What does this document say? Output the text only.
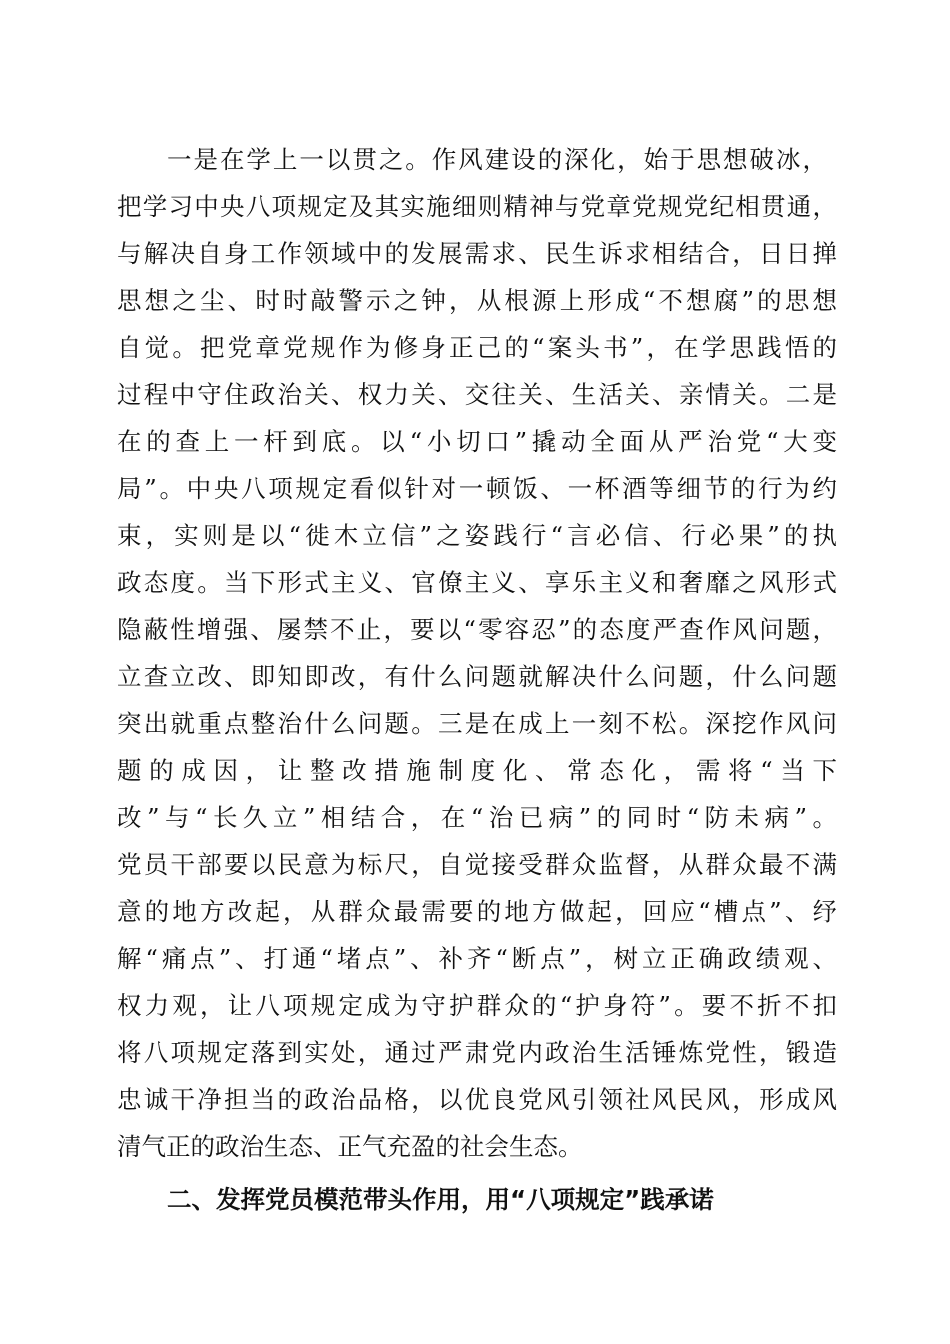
一是在学上一以贯之。作风建设的深化，始于思想破冰，
把学习中央八项规定及其实施细则精神与党章党规党纪相贯通，
与解决自身工作领域中的发展需求、民生诉求相结合，日日掸
思想之尘、时时敲警示之钟，从根源上形成“不想腐”的思想
自觉。把党章党规作为修身正己的“案头书”，在学思践悟的
过程中守住政治关、权力关、交往关、生活关、亲情关。二是
在的查上一杆到底。以“小切口”撬动全面从严治党“大变
局”。中央八项规定看似针对一顿饭、一杯酒等细节的行为约
束，实则是以“徙木立信”之姿践行“言必信、行必果”的执
政态度。当下形式主义、官僚主义、享乐主义和奢靡之风形式
隐蔽性增强、屡禁不止，要以“零容忍”的态度严查作风问题，
立查立改、即知即改，有什么问题就解决什么问题，什么问题
突出就重点整治什么问题。三是在成上一刻不松。深挖作风问
题的成因，让整改措施制度化、常态化，需将“当下
改”与“长久立”相结合，在“治已病”的同时“防未病”。
党员干部要以民意为标尺，自觉接受群众监督，从群众最不满
意的地方改起，从群众最需要的地方做起，回应“槽点”、纾
解“痛点”、打通“堵点”、补齐“断点”，树立正确政绩观、
权力观，让八项规定成为守护群众的“护身符”。要不折不扣
将八项规定落到实处，通过严肃党内政治生活锤炼党性，锻造
忠诚干净担当的政治品格，以优良党风引领社风民风，形成风
清气正的政治生态、正气充盈的社会生态。
二、发挥党员模范带头作用，用“八项规定”践承诺
